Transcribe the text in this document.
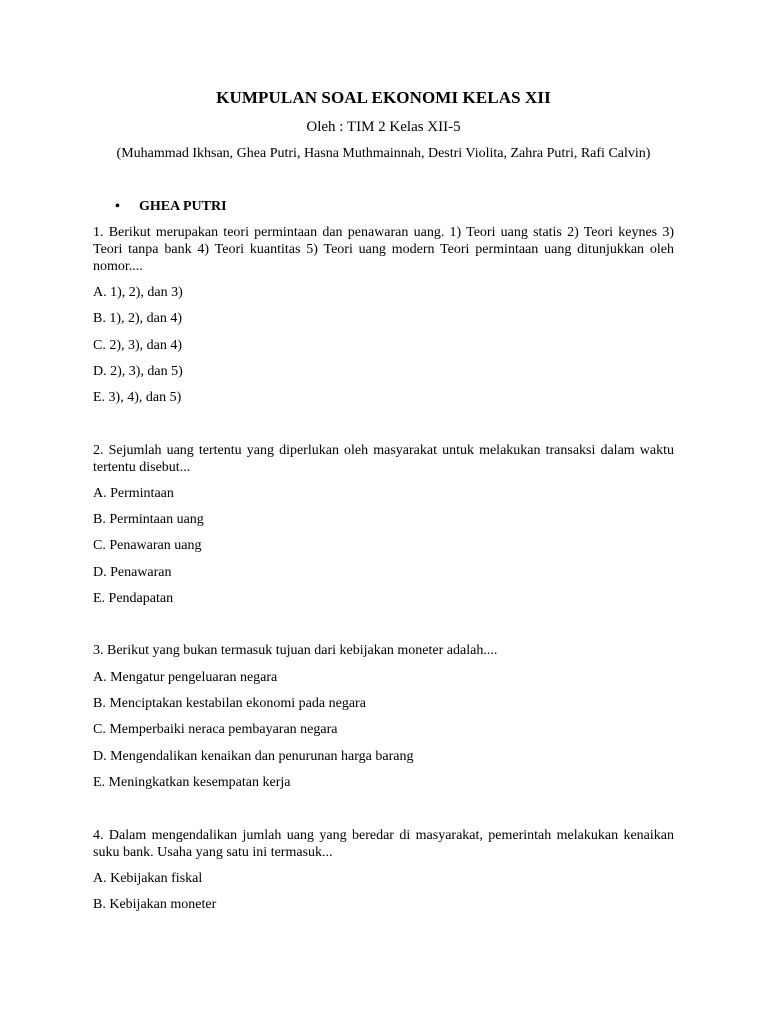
KUMPULAN SOAL EKONOMI KELAS XII
Oleh : TIM 2 Kelas XII-5
(Muhammad Ikhsan, Ghea Putri, Hasna Muthmainnah, Destri Violita, Zahra Putri, Rafi Calvin)
• GHEA PUTRI
1. Berikut merupakan teori permintaan dan penawaran uang. 1) Teori uang statis 2) Teori keynes 3) Teori tanpa bank 4) Teori kuantitas 5) Teori uang modern Teori permintaan uang ditunjukkan oleh nomor....
A. 1), 2), dan 3)
B. 1), 2), dan 4)
C. 2), 3), dan 4)
D. 2), 3), dan 5)
E. 3), 4), dan 5)
2. Sejumlah uang tertentu yang diperlukan oleh masyarakat untuk melakukan transaksi dalam waktu tertentu disebut...
A. Permintaan
B. Permintaan uang
C. Penawaran uang
D. Penawaran
E. Pendapatan
3. Berikut yang bukan termasuk tujuan dari kebijakan moneter adalah....
A. Mengatur pengeluaran negara
B. Menciptakan kestabilan ekonomi pada negara
C. Memperbaiki neraca pembayaran negara
D. Mengendalikan kenaikan dan penurunan harga barang
E. Meningkatkan kesempatan kerja
4. Dalam mengendalikan jumlah uang yang beredar di masyarakat, pemerintah melakukan kenaikan suku bank. Usaha yang satu ini termasuk...
A. Kebijakan fiskal
B. Kebijakan moneter
